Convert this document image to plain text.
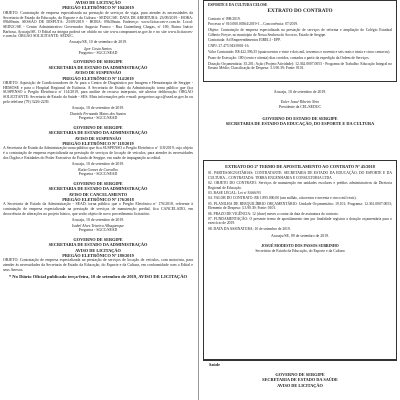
AVISO DE LICITAÇÃO

PREGÃO ELETRÔNICO Nº 104/2019

OBJETO: Contratação de empresa especializada na prestação de serviços de vigia, para atender às necessidades da Secretaria de Estado da Educação, do Esporte e da Cultura - SEDUC/SE. DATA DE ABERTURA: 23/09/2019 - HORA: 09h00min. SESSÃO DE DISPUTA: 23/09/2019 - HORA: 09h30min. Endereço: www.licitacoes-e.com.br. Local: SEDUC/SE - Centro Administrativo Governador Augusto Franco - Rua Gutemberg Chagas, nº 169, Bairro Inácio Barbosa, Aracaju/SE. O Edital na íntegra poderá ser obtido no site www.comprasnet.se.gov.br e no site www.licitacoes-e.com.br. ÓRGÃO SOLICITANTE: SEDUC.

Aracaju/SE, 10 de setembro de 2019.

Igor Costa Santos

Pregoeiro - SGCC/SEAD

GOVERNO DE SERGIPE

SECRETARIA DE ESTADO DA ADMINISTRAÇÃO

AVISO DE SUSPENSÃO

PREGÃO ELETRÔNICO Nº 114/2019

OBJETO: Aquisição de Condicionadores de Ar para o Centro de Diagnóstico por Imagem e Hemoterapia de Sergipe - HEMOSE e para o Hospital Regional de Estância. A Secretaria de Estado da Administração torna público que fica SUSPENSO o Pregão Eletrônico nº 114/2019, para análise de recurso interposto, até ulterior deliberação. ÓRGÃO SOLICITANTE: Secretaria de Estado da Saúde - SES. Mais informações pelo e-mail: pregoeiros.sgcc@sead.se.gov.br ou pelo telefone (79) 3226-2239.

Aracaju, 10 de setembro de 2019.

Daniela Fernanda Matos dos Santos

Pregoeira - SGCC/SEAD

GOVERNO DE SERGIPE

SECRETARIA DE ESTADO DA ADMINISTRAÇÃO

AVISO DE SUSPENSÃO

PREGÃO ELETRÔNICO Nº 118/2019

A Secretaria de Estado da Administração torna público que fica SUSPENSO o Pregão Eletrônico nº 118/2019, cujo objeto é a contratação de empresa especializada na prestação de serviços de locação de veículos, para atender às necessidades dos Órgãos e Entidades do Poder Executivo do Estado de Sergipe, em razão de impugnação ao edital.

Aracaju, 10 de setembro de 2019.

Katia Gomes de Carvalho

Pregoeira - SGCC/SEAD

GOVERNO DE SERGIPE

SECRETARIA DE ESTADO DA ADMINISTRAÇÃO

AVISO DE CANCELAMENTO

PREGÃO ELETRÔNICO Nº 176/2018

A Secretaria de Estado da Administração - SEAD, torna público que o Pregão Eletrônico nº 176/2018, referente à contratação de empresa especializada na prestação de serviços de manutenção predial, fica CANCELADO, em decorrência de alterações no projeto básico, que serão objeto de novo procedimento licitatório.

Aracaju, 10 de setembro de 2019.

Isabel Alves Teixeira Albuquerque

Pregoeira - SGCC/SEAD

GOVERNO DE SERGIPE

SECRETARIA DE ESTADO DA ADMINISTRAÇÃO

AVISO DE LICITAÇÃO

PREGÃO ELETRÔNICO Nº 180/2019

OBJETO: Contratação de empresa especializada na prestação de serviços de locação de veículos, com motorista, para atender às necessidades da Secretaria de Estado da Educação, do Esporte e da Cultura, em conformidade com o Edital e seus Anexos.

* No Diário Oficial publicado terça-feira, 10 de setembro de 2019, AVISO DE LICITAÇÃO

ESPORTE E DA CULTURA CELOSE

EXTRATO DO CONTRATO

Contrato nº 098/2019.

Processo nº 010.000.00364/2019-1 – Concorrência: 07/2019.

Objeto: Contratação de empresa especializada na prestação de serviços de reforma e ampliação do Colégio Estadual Gilberto Freyre, no município de Nossa Senhora do Socorro, Estado de Sergipe.

Contratada: Ad Empreendimentos EIRELI - EPP.

CNPJ: 27.475.943/0001-16.

Valor Contratado: R$ 422.396,35 (quatrocentos e vinte e dois mil, trezentos e noventa e seis reais e trinta e cinco centavos).

Prazo de Execução: 180 (cento e oitenta) dias corridos, contados a partir da expedição da Ordem de Serviços.

Dotação Orçamentária: 35.201; Ação (Projeto/Atividade): 12.362.0007.0053 - Programa de Trabalho: Educação Integral no Ensino Médio; Classificação de Despesa: 3.3.90.39; Fonte: 0101.

Aracaju, 10 de setembro de 2019.

Euler Josué Ribeiro Neto

Presidente da CEL/SEDUC

GOVERNO DO ESTADO DE SERGIPE

SECRETARIA DE ESTADO DA EDUCAÇÃO, DO ESPORTE E DA CULTURA

EXTRATO DO 2º TERMO DE APOSTILAMENTO AO CONTRATO Nº 45/2018

01. PARTES/SIGNATÁRIAS: CONTRATANTE: SECRETARIA DE ESTADO DA EDUCAÇÃO, DO ESPORTE E DA CULTURA – CONTRATADA: TERRA ENGENHARIA E CONSULTORIA LTDA

02. OBJETO DO CONTRATO: Serviços de manutenção em unidades escolares e prédios administrativos da Diretoria Regional de Educação.

03. BASE LEGAL: Lei nº 8.666/93

04. VALOR DO CONTRATO: R$ 1.895.000,00 (um milhão, oitocentos e noventa e cinco mil reais).

05. PLANILHA DE REEQUILÍBRIO ORÇAMENTÁRIO: Unidade Orçamentária: 19.101; Programa: 12.361.0007.0053; Elemento de Despesa: 3.3.90.39; Fonte: 0101.

06. PRAZO DE VIGÊNCIA: 12 (doze) meses a contar da data de assinatura do contrato.

07. FUNDAMENTAÇÃO: O presente termo de apostilamento tem por finalidade registrar a dotação orçamentária para o exercício de 2019.

08. DATA DA ASSINATURA: 10 de setembro de 2019.

Aracaju/SE, 09 de setembro de 2019.

JOSUÉ MODESTO DOS PASSOS SUBRINHO

Secretário de Estado da Educação, do Esporte e da Cultura

Saúde

GOVERNO DE SERGIPE

SECRETARIA DE ESTADO DA SAÚDE

AVISO DE LICITAÇÃO
